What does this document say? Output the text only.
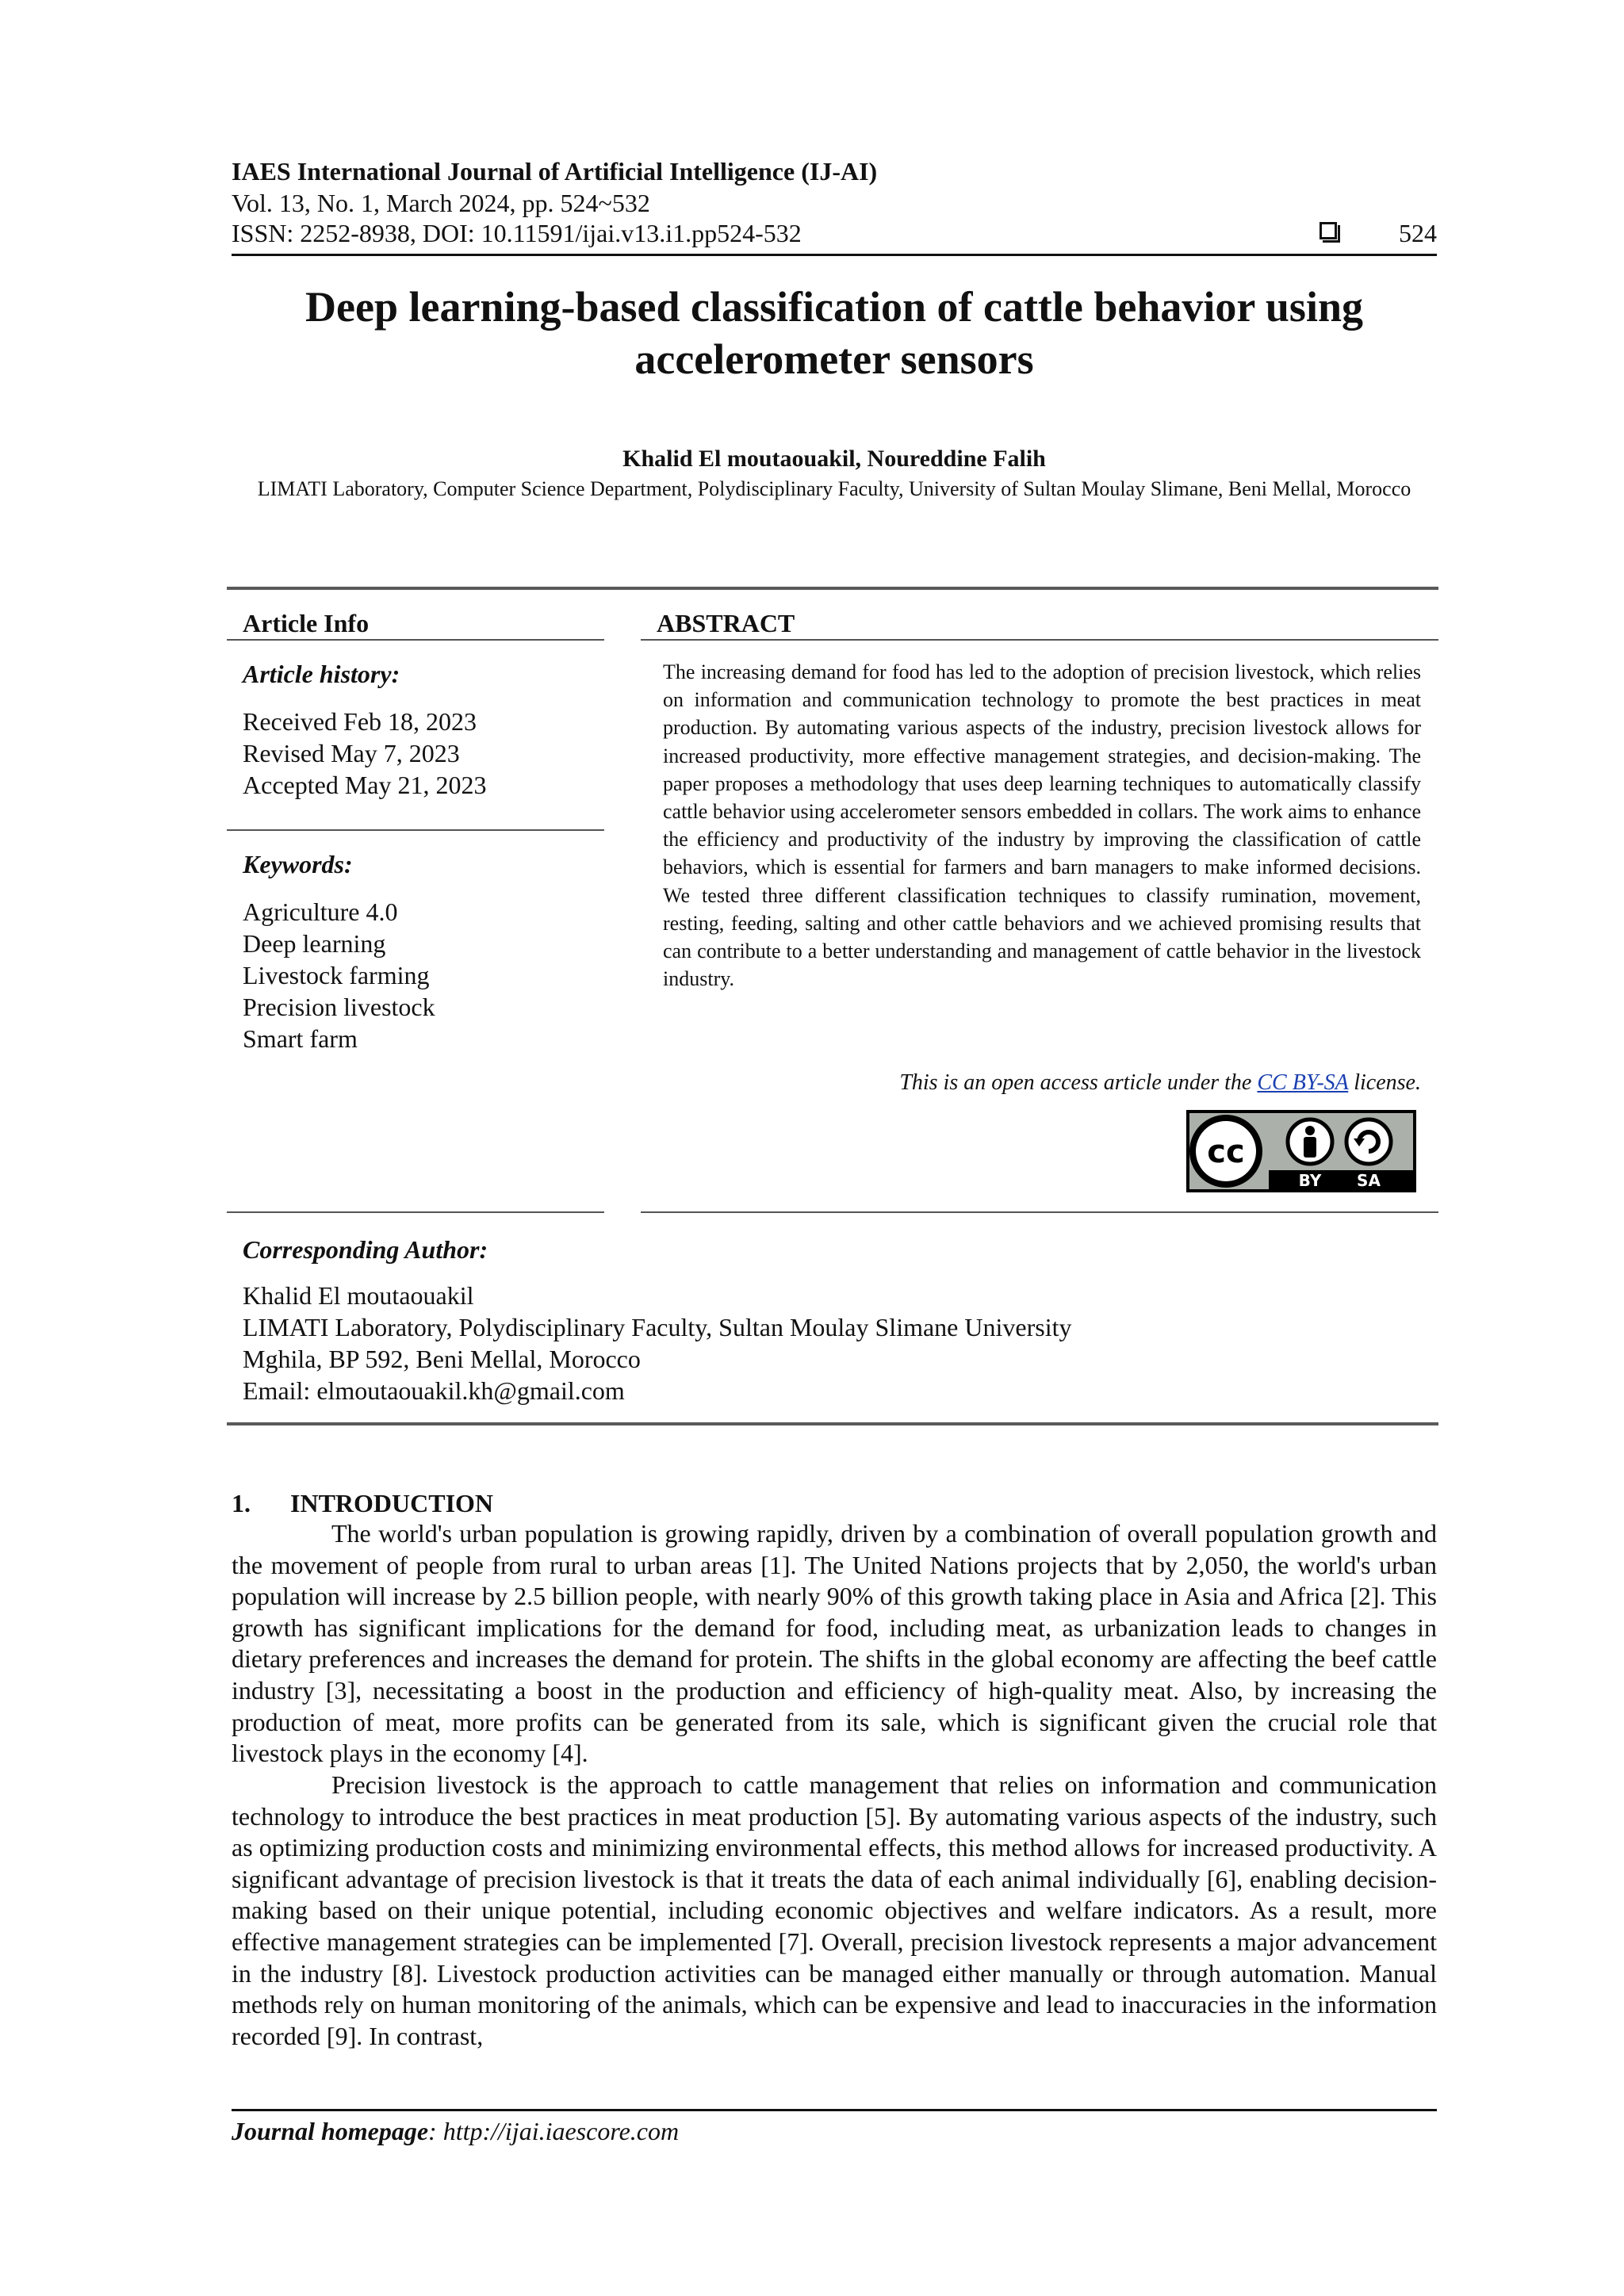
IAES International Journal of Artificial Intelligence (IJ-AI)
Vol. 13, No. 1, March 2024, pp. 524~532
ISSN: 2252-8938, DOI: 10.11591/ijai.v13.i1.pp524-532	524
Deep learning-based classification of cattle behavior using accelerometer sensors
Khalid El moutaouakil, Noureddine Falih
LIMATI Laboratory, Computer Science Department, Polydisciplinary Faculty, University of Sultan Moulay Slimane, Beni Mellal, Morocco
Article Info
Article history:
Received Feb 18, 2023
Revised May 7, 2023
Accepted May 21, 2023
Keywords:
Agriculture 4.0
Deep learning
Livestock farming
Precision livestock
Smart farm
ABSTRACT
The increasing demand for food has led to the adoption of precision livestock, which relies on information and communication technology to promote the best practices in meat production. By automating various aspects of the industry, precision livestock allows for increased productivity, more effective management strategies, and decision-making. The paper proposes a methodology that uses deep learning techniques to automatically classify cattle behavior using accelerometer sensors embedded in collars. The work aims to enhance the efficiency and productivity of the industry by improving the classification of cattle behaviors, which is essential for farmers and barn managers to make informed decisions. We tested three different classification techniques to classify rumination, movement, resting, feeding, salting and other cattle behaviors and we achieved promising results that can contribute to a better understanding and management of cattle behavior in the livestock industry.
This is an open access article under the CC BY-SA license.
cc
BY SA
Corresponding Author:
Khalid El moutaouakil
LIMATI Laboratory, Polydisciplinary Faculty, Sultan Moulay Slimane University
Mghila, BP 592, Beni Mellal, Morocco
Email: elmoutaouakil.kh@gmail.com
1. INTRODUCTION
The world's urban population is growing rapidly, driven by a combination of overall population growth and the movement of people from rural to urban areas [1]. The United Nations projects that by 2,050, the world's urban population will increase by 2.5 billion people, with nearly 90% of this growth taking place in Asia and Africa [2]. This growth has significant implications for the demand for food, including meat, as urbanization leads to changes in dietary preferences and increases the demand for protein. The shifts in the global economy are affecting the beef cattle industry [3], necessitating a boost in the production and efficiency of high-quality meat. Also, by increasing the production of meat, more profits can be generated from its sale, which is significant given the crucial role that livestock plays in the economy [4].
Precision livestock is the approach to cattle management that relies on information and communication technology to introduce the best practices in meat production [5]. By automating various aspects of the industry, such as optimizing production costs and minimizing environmental effects, this method allows for increased productivity. A significant advantage of precision livestock is that it treats the data of each animal individually [6], enabling decision-making based on their unique potential, including economic objectives and welfare indicators. As a result, more effective management strategies can be implemented [7]. Overall, precision livestock represents a major advancement in the industry [8]. Livestock production activities can be managed either manually or through automation. Manual methods rely on human monitoring of the animals, which can be expensive and lead to inaccuracies in the information recorded [9]. In contrast,
Journal homepage: http://ijai.iaescore.com
